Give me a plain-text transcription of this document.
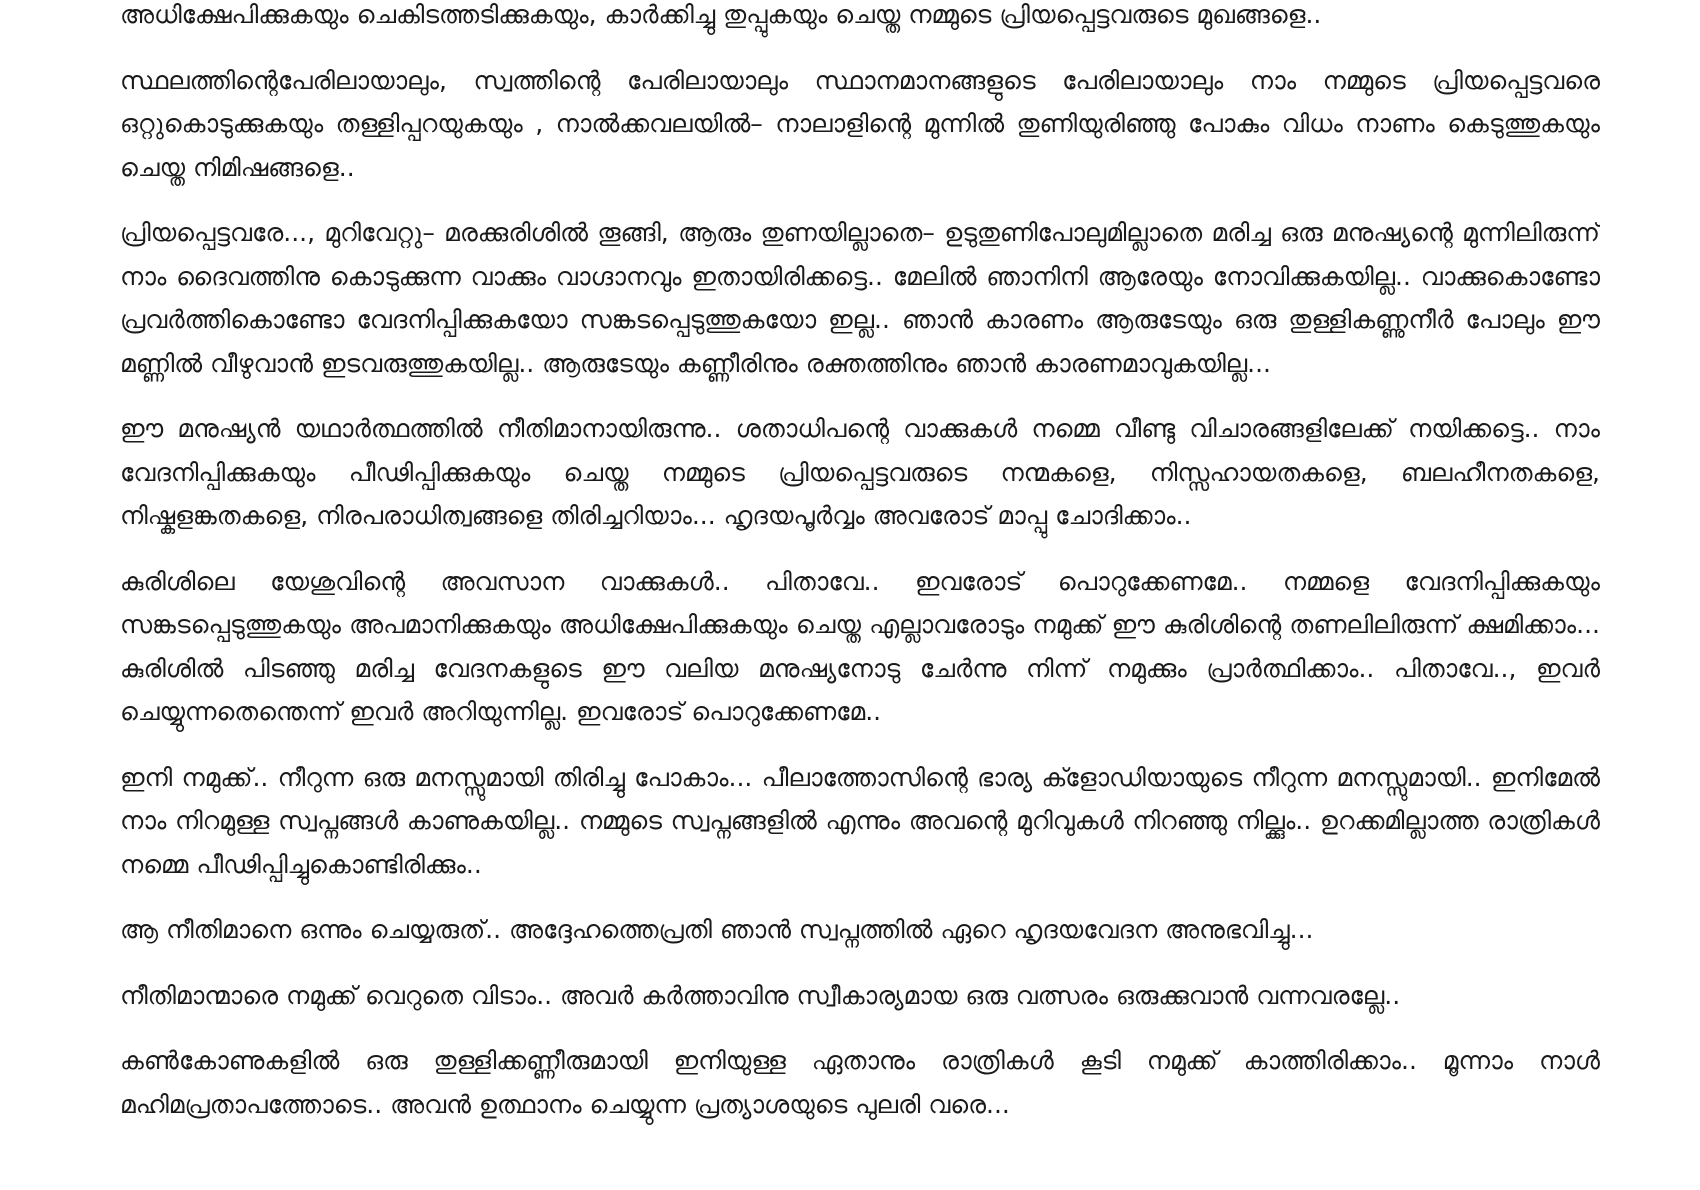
അധിക്ഷേപിക്കുകയും ചെകിടത്തടിക്കുകയും, കാർക്കിച്ചു തുപ്പുകയും ചെയ്ത നമ്മുടെ പ്രിയപ്പെട്ടവരുടെ മുഖങ്ങളെ..

സ്ഥലത്തിന്റെപേരിലായാലും, സ്വത്തിന്റെ പേരിലായാലും സ്ഥാനമാനങ്ങളുടെ പേരിലായാലും നാം നമ്മുടെ പ്രിയപ്പെട്ടവരെ ഒറ്റുകൊടുക്കുകയും തള്ളിപ്പറയുകയും , നാൽക്കവലയിൽ– നാലാളിന്റെ മുന്നിൽ തുണിയുരിഞ്ഞു പോകും വിധം നാണം കെടുത്തുകയും ചെയ്ത നിമിഷങ്ങളെ..

പ്രിയപ്പെട്ടവരേ..., മുറിവേറ്റു– മരക്കുരിശിൽ തൂങ്ങി, ആരും തുണയില്ലാതെ– ഉടുതുണിപോലുമില്ലാതെ മരിച്ച ഒരു മനുഷ്യന്റെ മുന്നിലിരുന്ന് നാം ദൈവത്തിനു കൊടുക്കുന്ന വാക്കും വാഗ്ദാനവും ഇതായിരിക്കട്ടെ.. മേലിൽ ഞാനിനി ആരേയും നോവിക്കുകയില്ല.. വാക്കുകൊണ്ടോ പ്രവർത്തികൊണ്ടോ വേദനിപ്പിക്കുകയോ സങ്കടപ്പെടുത്തുകയോ ഇല്ല.. ഞാൻ കാരണം ആരുടേയും ഒരു തുള്ളികണ്ണുനീർ പോലും ഈ മണ്ണിൽ വീഴുവാൻ ഇടവരുത്തുകയില്ല.. ആരുടേയും കണ്ണീരിനും രക്തത്തിനും ഞാൻ കാരണമാവുകയില്ല...

ഈ മനുഷ്യൻ യഥാർത്ഥത്തിൽ നീതിമാനായിരുന്നു.. ശതാധിപന്റെ വാക്കുകൾ നമ്മെ വീണ്ടു വിചാരങ്ങളിലേക്ക് നയിക്കട്ടെ.. നാം വേദനിപ്പിക്കുകയും പീഢിപ്പിക്കുകയും ചെയ്ത നമ്മുടെ പ്രിയപ്പെട്ടവരുടെ നന്മകളെ, നിസ്സഹായതകളെ, ബലഹീനതകളെ, നിഷ്കളങ്കതകളെ, നിരപരാധിത്വങ്ങളെ തിരിച്ചറിയാം... ഹൃദയപൂർവ്വം അവരോട് മാപ്പു ചോദിക്കാം..

കുരിശിലെ യേശുവിന്റെ അവസാന വാക്കുകൾ.. പിതാവേ.. ഇവരോട് പൊറുക്കേണമേ.. നമ്മളെ വേദനിപ്പിക്കുകയും സങ്കടപ്പെടുത്തുകയും അപമാനിക്കുകയും അധിക്ഷേപിക്കുകയും ചെയ്ത എല്ലാവരോടും നമുക്ക് ഈ കുരിശിന്റെ തണലിലിരുന്ന് ക്ഷമിക്കാം... കുരിശിൽ പിടഞ്ഞു മരിച്ച വേദനകളുടെ ഈ വലിയ മനുഷ്യനോടു ചേർന്നു നിന്ന് നമുക്കും പ്രാർത്ഥിക്കാം.. പിതാവേ.., ഇവർ ചെയ്യുന്നതെന്തെന്ന് ഇവർ അറിയുന്നില്ല. ഇവരോട് പൊറുക്കേണമേ..

ഇനി നമുക്ക്.. നീറുന്ന ഒരു മനസ്സുമായി തിരിച്ചു പോകാം... പീലാത്തോസിന്റെ ഭാര്യ ക്ളോഡിയായുടെ നീറുന്ന മനസ്സുമായി.. ഇനിമേൽ നാം നിറമുള്ള സ്വപ്നങ്ങൾ കാണുകയില്ല.. നമ്മുടെ സ്വപ്നങ്ങളിൽ എന്നും അവന്റെ മുറിവുകൾ നിറഞ്ഞു നില്ക്കും.. ഉറക്കമില്ലാത്ത രാത്രികൾ നമ്മെ പീഢിപ്പിച്ചുകൊണ്ടിരിക്കും..

ആ നീതിമാനെ ഒന്നും ചെയ്യരുത്.. അദ്ദേഹത്തെപ്രതി ഞാൻ സ്വപ്നത്തിൽ ഏറെ ഹൃദയവേദന അനുഭവിച്ചു...

നീതിമാന്മാരെ നമുക്ക് വെറുതെ വിടാം.. അവർ കർത്താവിനു സ്വീകാര്യമായ ഒരു വത്സരം ഒരുക്കുവാൻ വന്നവരല്ലേ..

കൺകോണുകളിൽ ഒരു തുള്ളിക്കണ്ണീരുമായി ഇനിയുള്ള ഏതാനും രാത്രികൾ കൂടി നമുക്ക് കാത്തിരിക്കാം.. മൂന്നാം നാൾ മഹിമപ്രതാപത്തോടെ.. അവൻ ഉത്ഥാനം ചെയ്യുന്ന പ്രത്യാശയുടെ പുലരി വരെ...
